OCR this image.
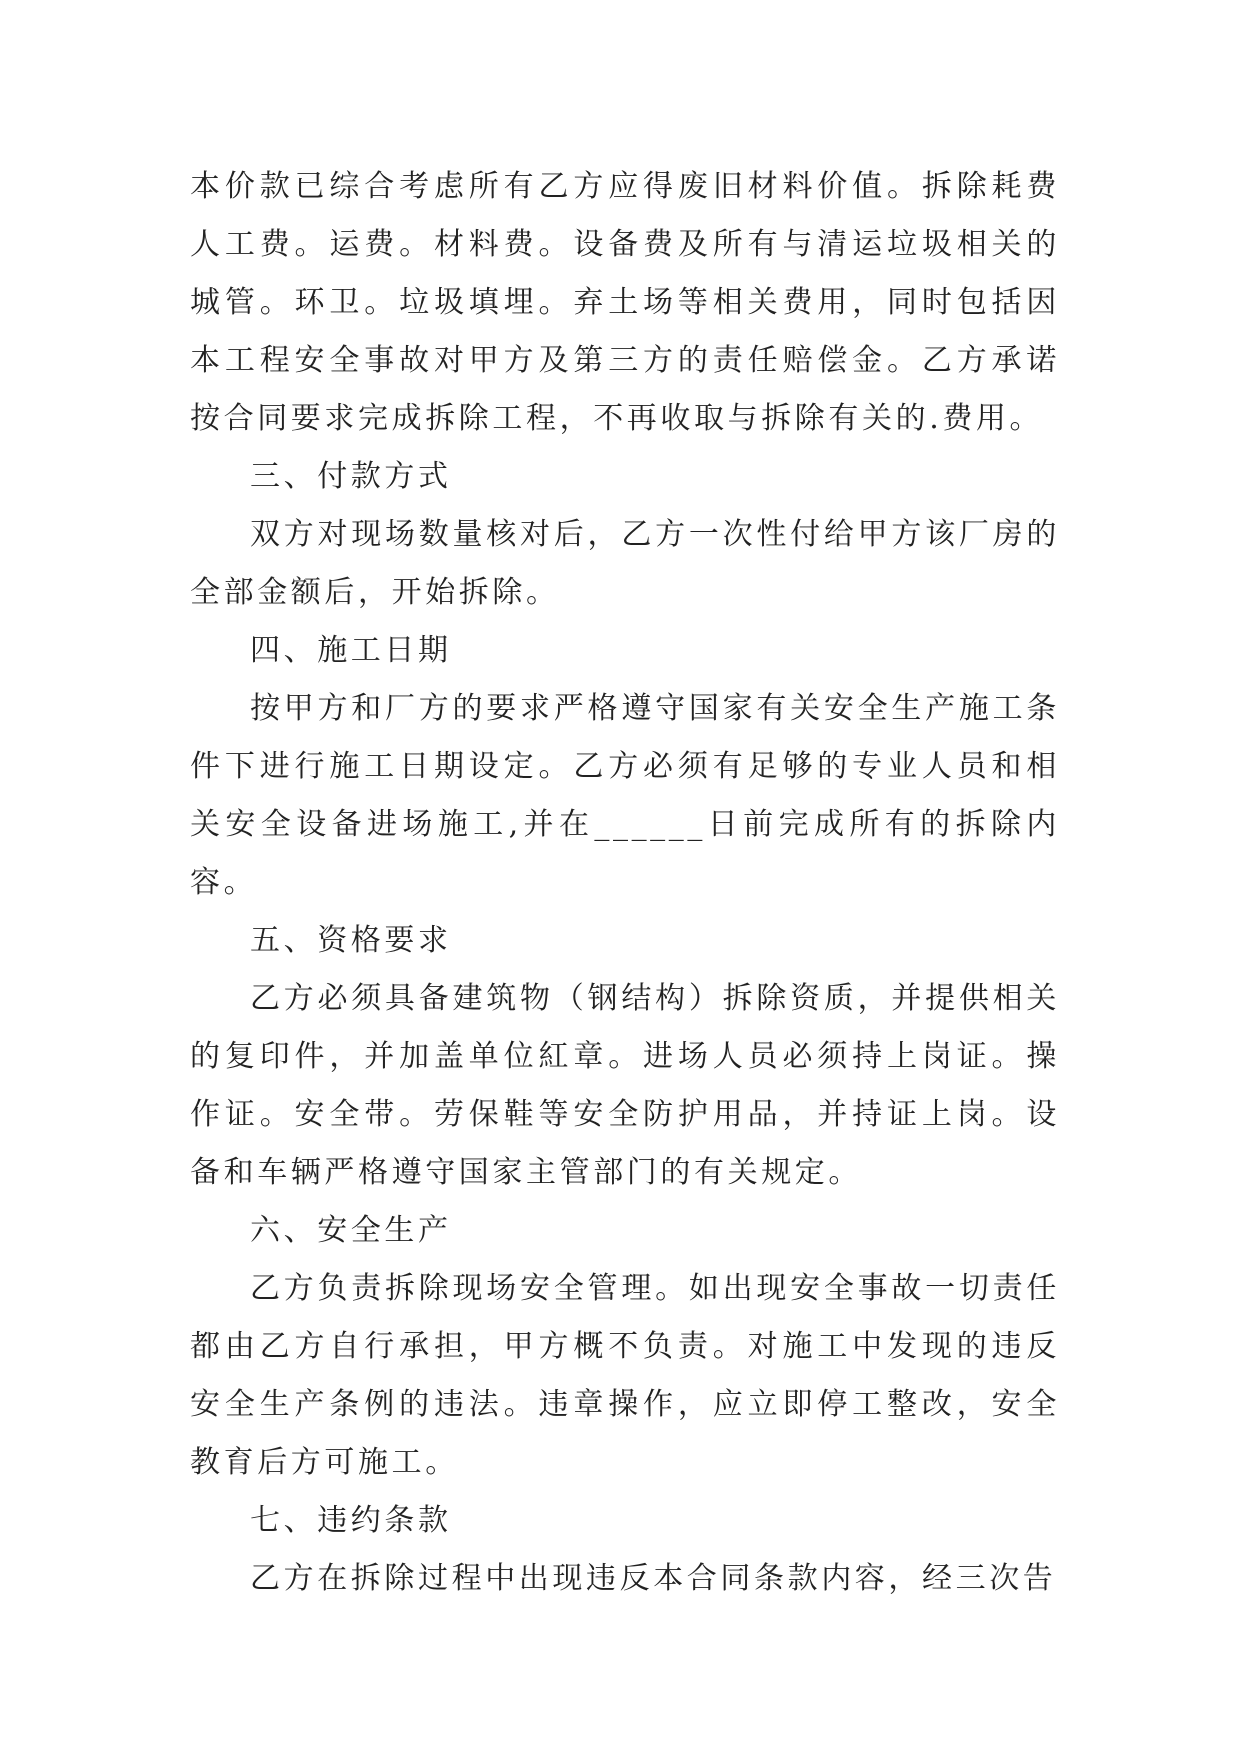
本价款已综合考虑所有乙方应得废旧材料价值。拆除耗费人工费。运费。材料费。设备费及所有与清运垃圾相关的城管。环卫。垃圾填埋。弃土场等相关费用，同时包括因本工程安全事故对甲方及第三方的责任赔偿金。乙方承诺按合同要求完成拆除工程，不再收取与拆除有关的.费用。

三、付款方式

双方对现场数量核对后，乙方一次性付给甲方该厂房的全部金额后，开始拆除。

四、施工日期

按甲方和厂方的要求严格遵守国家有关安全生产施工条件下进行施工日期设定。乙方必须有足够的专业人员和相关安全设备进场施工,并在______日前完成所有的拆除内容。

五、资格要求

乙方必须具备建筑物（钢结构）拆除资质，并提供相关的复印件，并加盖单位紅章。进场人员必须持上岗证。操作证。安全带。劳保鞋等安全防护用品，并持证上岗。设备和车辆严格遵守国家主管部门的有关规定。

六、安全生产

乙方负责拆除现场安全管理。如出现安全事故一切责任都由乙方自行承担，甲方概不负责。对施工中发现的违反安全生产条例的违法。违章操作，应立即停工整改，安全教育后方可施工。

七、违约条款

乙方在拆除过程中出现违反本合同条款内容，经三次告
